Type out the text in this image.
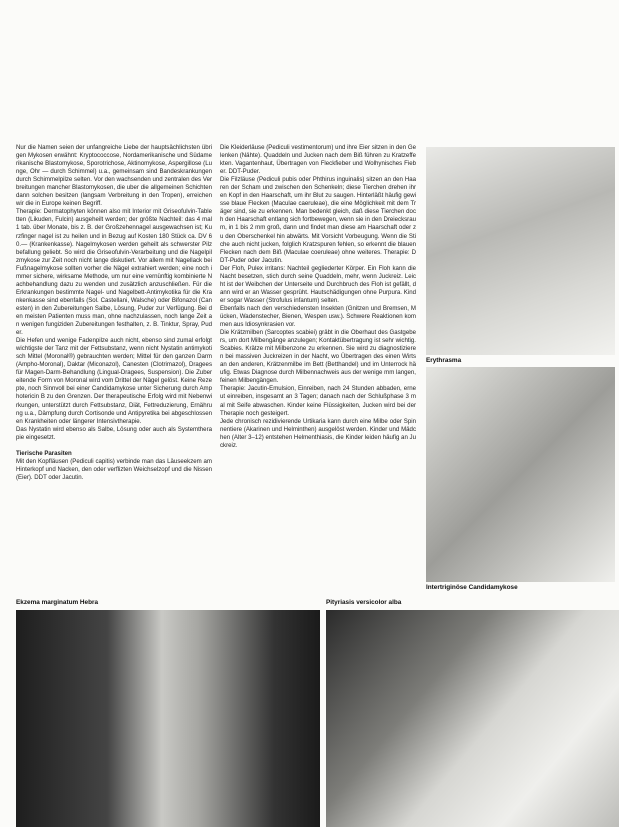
Nur die Namen seien der unfangreiche Liebe der hauptsächlichsten übrigen Mykosen erwähnt: Kryptococcose, Nordamerikanische und Südamerikanische Blastomykose, Sporotrichose, Aktinomykose, Aspergillose (Lunge, Ohr — durch Schimmel) u.a., gemeinsam sind Bandeskrankungen durch Schimmelpilze selten. Vor den wachsenden und zentralen des Verbreitungen mancher Blastomykosen, die uber die allgemeinen Schichten dann solchen besitzen (langsam Verbreitung in den Tropen), erreichen wir die in Europe keinen Begriff.

Therapie: Dermatophyten können also mit Interior mit Griseofulvin-Tabletten (Likuden, Fulcin) ausgeheilt werden; der größte Nachteil: das 4 mal 1 tab. über Monate, bis z. B. der Großzehennagel ausgewachsen ist; Kurzfinger nagel ist zu heilen und in Bezug auf Kosten 180 Stück ca. DV 60.— (Krankenkasse). Nagelmykosen werden geheilt als schwerster Pilzbefallung geliebt. So wird die Griseofulvin-Verarbeitung und die Nagelpilzmykose zur Zeit noch nicht lange diskutiert. Vor allem mit Nagellack bei Fußnagelmykose sollten vorher die Nägel extrahiert werden; eine noch immer sichere, wirksame Methode, um nur eine vernünftig kombinierte Nachbehandlung dazu zu wenden und zusätzlich anzuschließen. Für die Erkrankungen bestimmte Nagel- und Nagelbett-Antimykotika für die Krankenkasse sind ebenfalls (Sol. Castellani, Walsche) oder Bifonazol (Canesten) in den Zubereitungen Salbe, Lösung, Puder zur Verfügung. Bei den meisten Patienten muss man, ohne nachzulassen, noch lange Zeit an wenigen fungiziden Zubereitungen festhalten, z. B. Tinktur, Spray, Puder.

Die Hefen und wenige Fadenpilze auch nicht, ebenso sind zumal erfolgt wichtigste der Tanz mit der Fettsubstanz, wenn nicht Nystatin antimykotisch Mittel (Moronal®) gebrauchten werden; Mittel für den ganzen Darm (Ampho-Moronal), Daktar (Miconazol), Canesten (Clotrimazol), Dragees für Magen-Darm-Behandlung (Lingual-Dragees, Suspension). Die Zubereitende Form von Moronal wird vom Drittel der Nägel gelöst. Keine Rezepte, noch Sinnvoll bei einer Candidamykose unter Sicherung durch Amphotericin B zu den Grenzen. Der therapeutische Erfolg wird mit Nebenwirkungen, unterstützt durch Fettsubstanz, Diät, Fettreduzierung, Ernährung u.a., Dämpfung durch Cortisonde und Antipyretika bei abgeschlossenen Krankheiten oder längerer Intensivtherapie.

Das Nystatin wird ebenso als Salbe, Lösung oder auch als Systemtherapie eingesetzt.

Tierische Parasiten

Mit den Kopfläusen (Pediculi capitis) verbinde man das Läuseekzem am Hinterkopf und Nacken, den oder verflizten Weichselzopf und die Nissen (Eier). DDT oder Jacutin.

Die Kleiderläuse (Pediculi vestimentorum) und ihre Eier sitzen in den Gelenken (Nähte). Quaddeln und Jucken nach dem Biß führen zu Kratzeffekten. Vagantenhaut, Übertragen von Fleckfieber und Wolhynisches Fieber. DDT-Puder.

Die Filzläuse (Pediculi pubis oder Phthirus inguinalis) sitzen an den Haaren der Scham und zwischen den Schenkeln; diese Tierchen drehen ihren Kopf in den Haarschaft, um ihr Blut zu saugen. Hinterläßt häufig gewisse blaue Flecken (Maculae caeruleae), die eine Möglichkeit mit dem Träger sind, sie zu erkennen. Man bedenkt gleich, daß diese Tierchen doch den Haarschaft entlang sich fortbewegen, wenn sie in den Dreiecksraum, in 1 bis 2 mm groß, dann und findet man diese am Haarschaft oder zu den Oberschenkel hin abwärts. Mit Vorsicht Vorbeugung. Wenn die Stiche auch nicht jucken, folglich Kratzspuren fehlen, so erkennt die blauen Flecken nach dem Biß (Maculae coeruleae) ohne weiteres. Therapie: DDT-Puder oder Jacutin.

Der Floh, Pulex irritans: Nachteil gegliederter Körper. Ein Floh kann die Nacht besetzen, stich durch seine Quaddeln, mehr, wenn Juckreiz. Leicht ist der Weibchen der Unterseite und Durchbruch des Floh ist gefällt, dann wird er an Wasser gesprüht. Hautschädigungen ohne Purpura. Kinder sogar Wasser (Strofulus infantum) selten.

Ebenfalls nach den verschiedensten Insekten (Gnitzen und Bremsen, Mücken, Wadenstecher, Bienen, Wespen usw.). Schwere Reaktionen kommen aus Idiosynkrasien vor.

Die Krätzmilben (Sarcoptes scabiei) gräbt in die Oberhaut des Gastgebers, um dort Milbengänge anzulegen; Kontaktübertragung ist sehr wichtig. Scabies. Krätze mit Milbenzone zu erkennen. Sie wird zu diagnostizieren bei massiven Juckreizen in der Nacht, wo Übertragen des einen Wirts an den anderen, Krätzenmilbe im Bett (Betthandel) und im Unterrock häufig. Etwas Diagnose durch Milbennachweis aus der wenige mm langen, feinen Milbengängen.

Therapie: Jacutin-Emulsion, Einreiben, nach 24 Stunden abbaden, erneut einreiben, insgesamt an 3 Tagen; danach nach der Schlußphase 3 mal mit Seife abwaschen. Kinder keine Flüssigkeiten, Jucken wird bei der Therapie noch gesteigert.

Jede chronisch rezidivierende Urtikaria kann durch eine Milbe oder Spinnentiere (Akarinen und Helminthen) ausgelöst werden. Kinder und Mädchen (Alter 3–12) entstehen Helmenthiasis, die Kinder leiden häufig an Juckreiz.

Erythrasma
Intertriginöse Candidamykose
Ekzema marginatum Hebra	Pityriasis versicolor alba
